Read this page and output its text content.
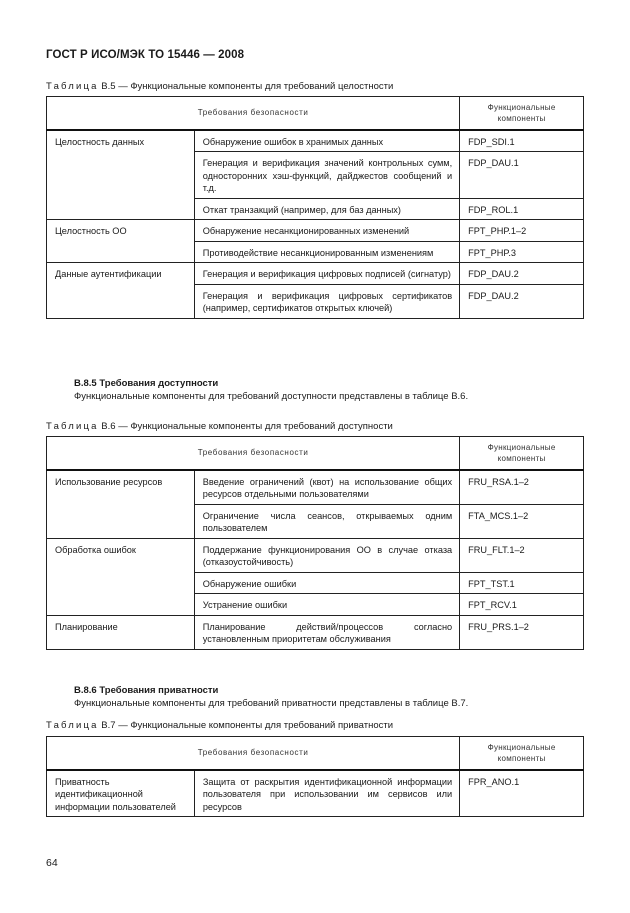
ГОСТ Р ИСО/МЭК ТО 15446 — 2008
Таблица В.5 — Функциональные компоненты для требований целостности
Требования безопасности		Функциональные компоненты
Целостность данных	Обнаружение ошибок в хранимых данных	FDP_SDI.1
	Генерация и верификация значений контрольных сумм, односторонних хэш-функций, дайджестов сообщений и т.д.	FDP_DAU.1
	Откат транзакций (например, для баз данных)	FDP_ROL.1
Целостность ОО	Обнаружение несанкционированных изменений	FPT_PHP.1–2
	Противодействие несанкционированным изменениям	FPT_PHP.3
Данные аутентификации	Генерация и верификация цифровых подписей (сигнатур)	FDP_DAU.2
	Генерация и верификация цифровых сертификатов (например, сертификатов открытых ключей)	FDP_DAU.2
В.8.5 Требования доступности
Функциональные компоненты для требований доступности представлены в таблице В.6.
Таблица В.6 — Функциональные компоненты для требований доступности
Требования безопасности		Функциональные компоненты
Использование ресурсов	Введение ограничений (квот) на использование общих ресурсов отдельными пользователями	FRU_RSA.1–2
	Ограничение числа сеансов, открываемых одним пользователем	FTA_MCS.1–2
Обработка ошибок	Поддержание функционирования ОО в случае отказа (отказоустойчивость)	FRU_FLT.1–2
	Обнаружение ошибки	FPT_TST.1
	Устранение ошибки	FPT_RCV.1
Планирование	Планирование действий/процессов согласно установленным приоритетам обслуживания	FRU_PRS.1–2
В.8.6 Требования приватности
Функциональные компоненты для требований приватности представлены в таблице В.7.
Таблица В.7 — Функциональные компоненты для требований приватности
Требования безопасности		Функциональные компоненты
Приватность идентификационной информации пользователей	Защита от раскрытия идентификационной информации пользователя при использовании им сервисов или ресурсов	FPR_ANO.1
64
